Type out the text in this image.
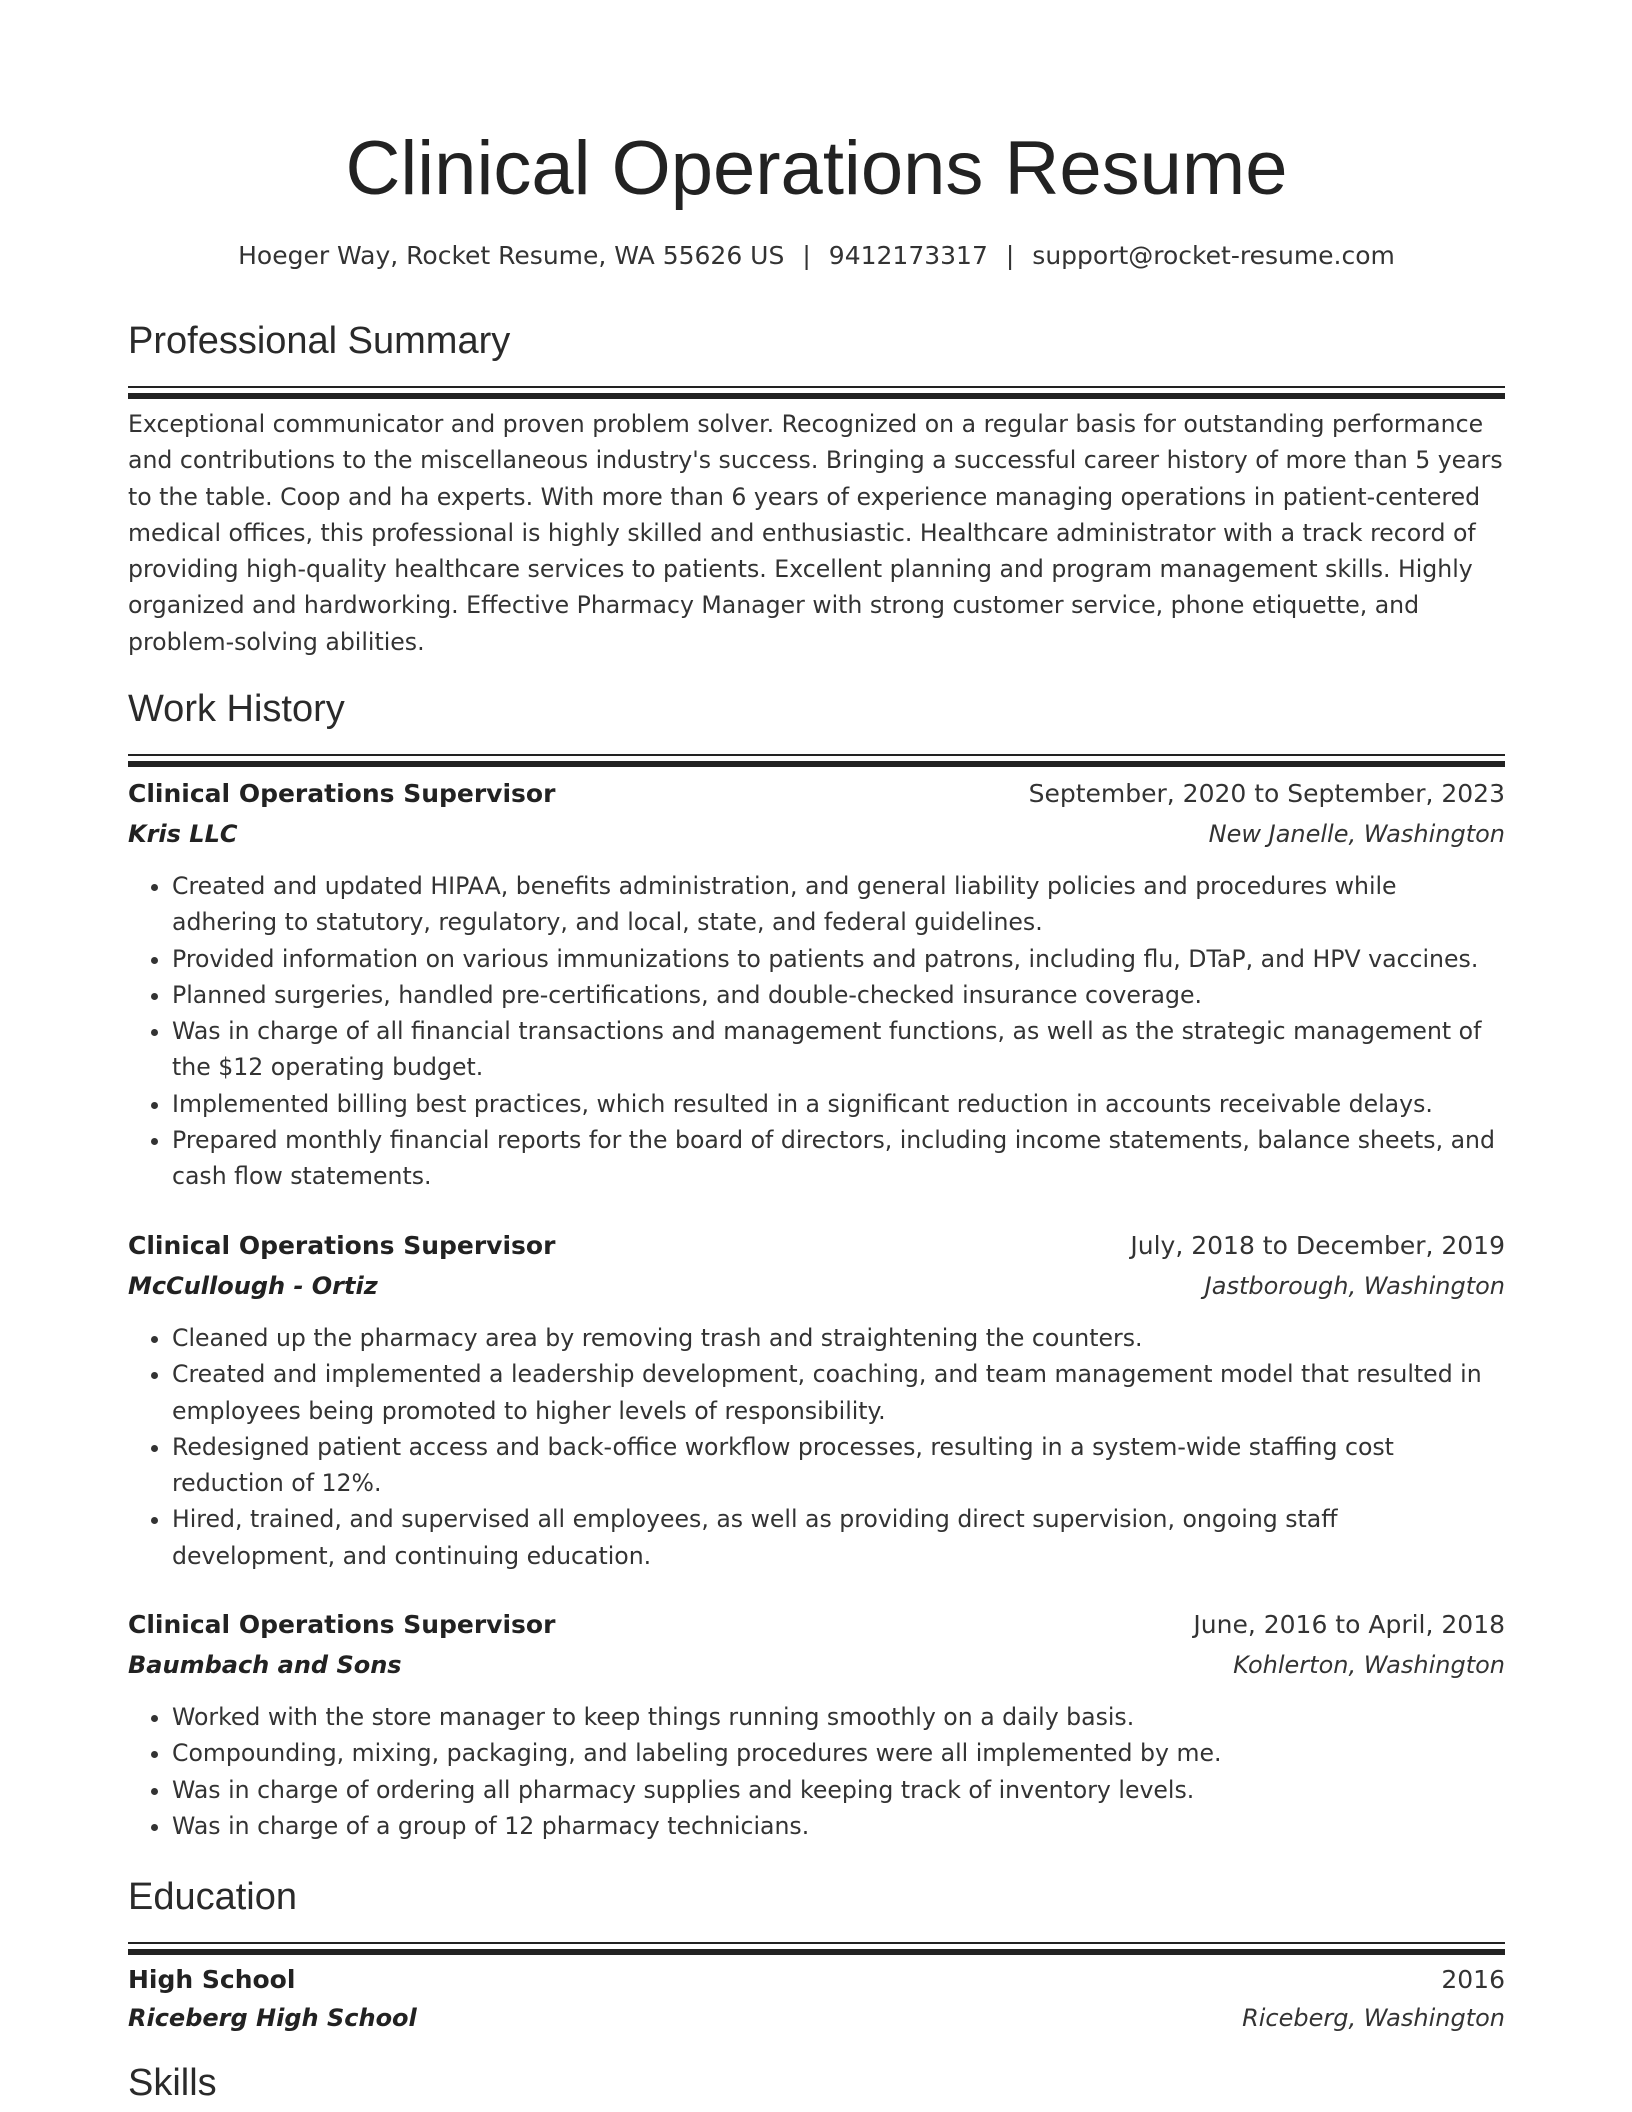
Clinical Operations Resume
Hoeger Way, Rocket Resume, WA 55626 US | 9412173317 | support@rocket-resume.com
Professional Summary

Exceptional communicator and proven problem solver. Recognized on a regular basis for outstanding performance and contributions to the miscellaneous industry's success. Bringing a successful career history of more than 5 years to the table. Coop and ha experts. With more than 6 years of experience managing operations in patient-centered medical offices, this professional is highly skilled and enthusiastic. Healthcare administrator with a track record of providing high-quality healthcare services to patients. Excellent planning and program management skills. Highly organized and hardworking. Effective Pharmacy Manager with strong customer service, phone etiquette, and problem-solving abilities.

Work History
Clinical Operations Supervisor	September, 2020 to September, 2023
Kris LLC	New Janelle, Washington
• Created and updated HIPAA, benefits administration, and general liability policies and procedures while adhering to statutory, regulatory, and local, state, and federal guidelines.
• Provided information on various immunizations to patients and patrons, including flu, DTaP, and HPV vaccines.
• Planned surgeries, handled pre-certifications, and double-checked insurance coverage.
• Was in charge of all financial transactions and management functions, as well as the strategic management of the $12 operating budget.
• Implemented billing best practices, which resulted in a significant reduction in accounts receivable delays.
• Prepared monthly financial reports for the board of directors, including income statements, balance sheets, and cash flow statements.
Clinical Operations Supervisor	July, 2018 to December, 2019
McCullough - Ortiz	Jastborough, Washington
• Cleaned up the pharmacy area by removing trash and straightening the counters.
• Created and implemented a leadership development, coaching, and team management model that resulted in employees being promoted to higher levels of responsibility.
• Redesigned patient access and back-office workflow processes, resulting in a system-wide staffing cost reduction of 12%.
• Hired, trained, and supervised all employees, as well as providing direct supervision, ongoing staff development, and continuing education.
Clinical Operations Supervisor	June, 2016 to April, 2018
Baumbach and Sons	Kohlerton, Washington
• Worked with the store manager to keep things running smoothly on a daily basis.
• Compounding, mixing, packaging, and labeling procedures were all implemented by me.
• Was in charge of ordering all pharmacy supplies and keeping track of inventory levels.
• Was in charge of a group of 12 pharmacy technicians.
Education
High School	2016
Riceberg High School	Riceberg, Washington
Skills
